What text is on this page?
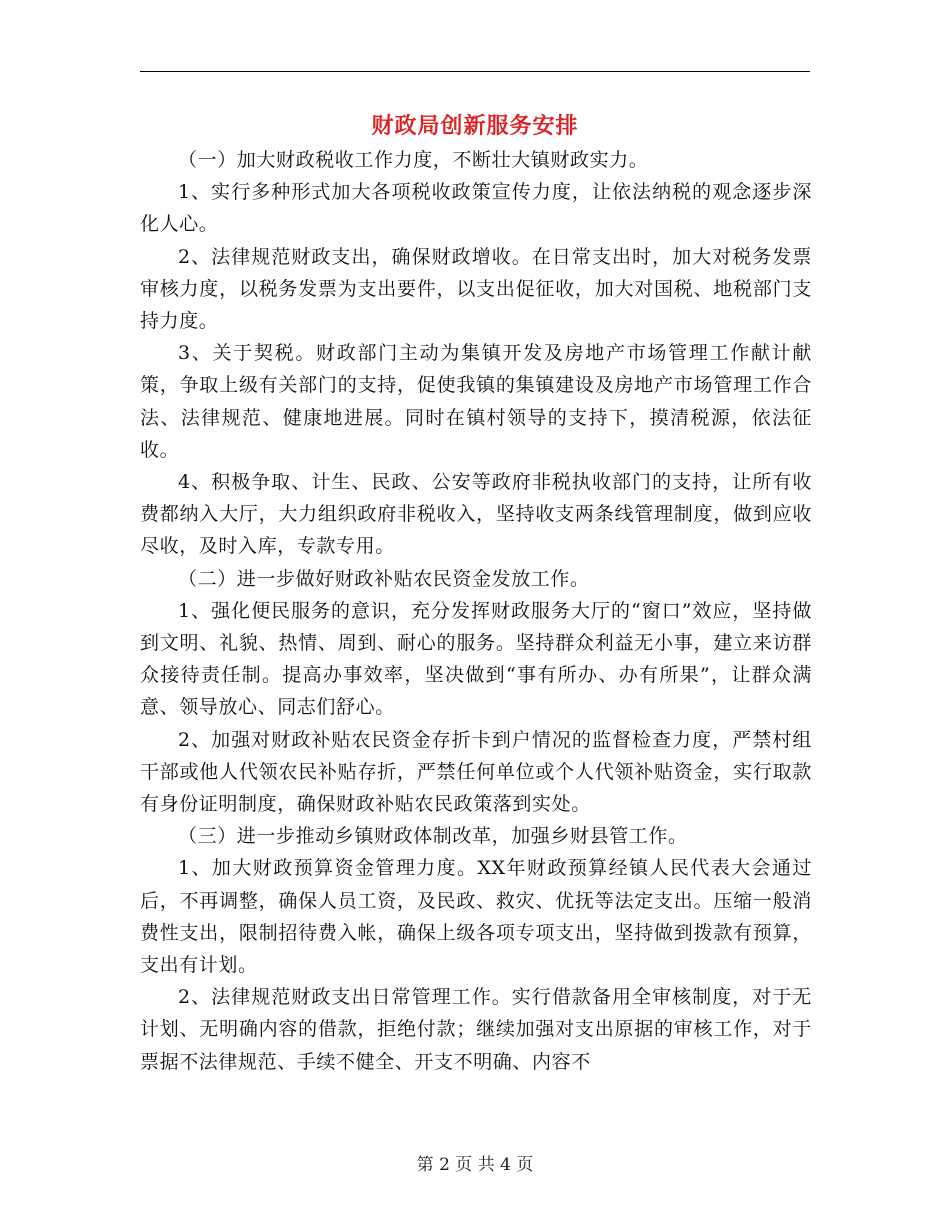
财政局创新服务安排

（一）加大财政税收工作力度，不断壮大镇财政实力。

1、实行多种形式加大各项税收政策宣传力度，让依法纳税的观念逐步深化人心。

2、法律规范财政支出，确保财政增收。在日常支出时，加大对税务发票审核力度，以税务发票为支出要件，以支出促征收，加大对国税、地税部门支持力度。

3、关于契税。财政部门主动为集镇开发及房地产市场管理工作献计献策，争取上级有关部门的支持，促使我镇的集镇建设及房地产市场管理工作合法、法律规范、健康地进展。同时在镇村领导的支持下，摸清税源，依法征收。

4、积极争取、计生、民政、公安等政府非税执收部门的支持，让所有收费都纳入大厅，大力组织政府非税收入，坚持收支两条线管理制度，做到应收尽收，及时入库，专款专用。

（二）进一步做好财政补贴农民资金发放工作。

1、强化便民服务的意识，充分发挥财政服务大厅的“窗口”效应，坚持做到文明、礼貌、热情、周到、耐心的服务。坚持群众利益无小事，建立来访群众接待责任制。提高办事效率，坚决做到“事有所办、办有所果”，让群众满意、领导放心、同志们舒心。

2、加强对财政补贴农民资金存折卡到户情况的监督检查力度，严禁村组干部或他人代领农民补贴存折，严禁任何单位或个人代领补贴资金，实行取款有身份证明制度，确保财政补贴农民政策落到实处。

（三）进一步推动乡镇财政体制改革，加强乡财县管工作。

1、加大财政预算资金管理力度。XX年财政预算经镇人民代表大会通过后，不再调整，确保人员工资，及民政、救灾、优抚等法定支出。压缩一般消费性支出，限制招待费入帐，确保上级各项专项支出，坚持做到拨款有预算，支出有计划。

2、法律规范财政支出日常管理工作。实行借款备用全审核制度，对于无计划、无明确内容的借款，拒绝付款；继续加强对支出原据的审核工作，对于票据不法律规范、手续不健全、开支不明确、内容不

第 2 页 共 4 页
